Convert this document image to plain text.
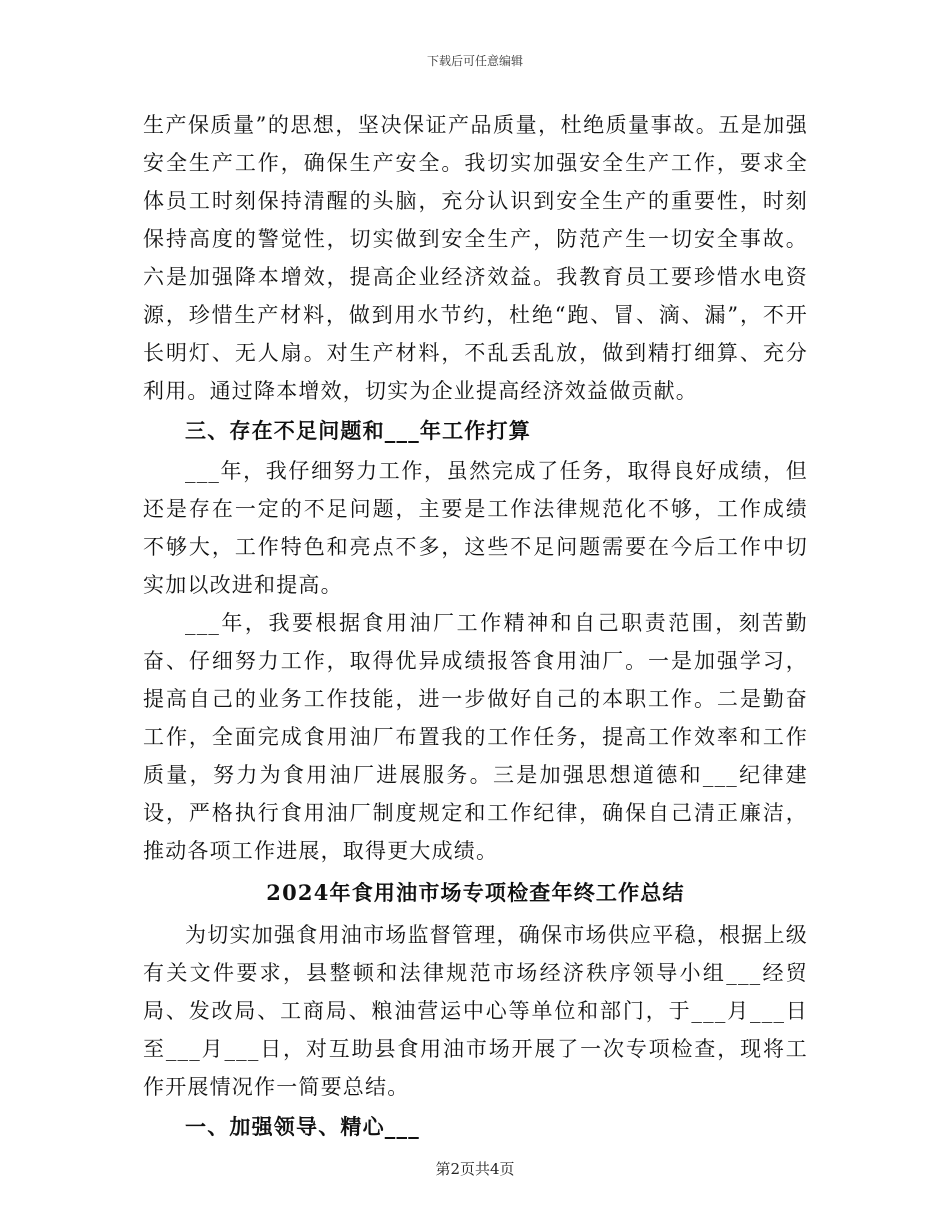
下载后可任意编辑

生产保质量”的思想，坚决保证产品质量，杜绝质量事故。五是加强安全生产工作，确保生产安全。我切实加强安全生产工作，要求全体员工时刻保持清醒的头脑，充分认识到安全生产的重要性，时刻保持高度的警觉性，切实做到安全生产，防范产生一切安全事故。六是加强降本增效，提高企业经济效益。我教育员工要珍惜水电资源，珍惜生产材料，做到用水节约，杜绝“跑、冒、滴、漏”，不开长明灯、无人扇。对生产材料，不乱丢乱放，做到精打细算、充分利用。通过降本增效，切实为企业提高经济效益做贡献。

三、存在不足问题和___年工作打算

___年，我仔细努力工作，虽然完成了任务，取得良好成绩，但还是存在一定的不足问题，主要是工作法律规范化不够，工作成绩不够大，工作特色和亮点不多，这些不足问题需要在今后工作中切实加以改进和提高。

___年，我要根据食用油厂工作精神和自己职责范围，刻苦勤奋、仔细努力工作，取得优异成绩报答食用油厂。一是加强学习，提高自己的业务工作技能，进一步做好自己的本职工作。二是勤奋工作，全面完成食用油厂布置我的工作任务，提高工作效率和工作质量，努力为食用油厂进展服务。三是加强思想道德和___纪律建设，严格执行食用油厂制度规定和工作纪律，确保自己清正廉洁，推动各项工作进展，取得更大成绩。

2024年食用油市场专项检查年终工作总结

为切实加强食用油市场监督管理，确保市场供应平稳，根据上级有关文件要求，县整顿和法律规范市场经济秩序领导小组___经贸局、发改局、工商局、粮油营运中心等单位和部门，于___月___日至___月___日，对互助县食用油市场开展了一次专项检查，现将工作开展情况作一简要总结。

一、加强领导、精心___

第2页共4页
